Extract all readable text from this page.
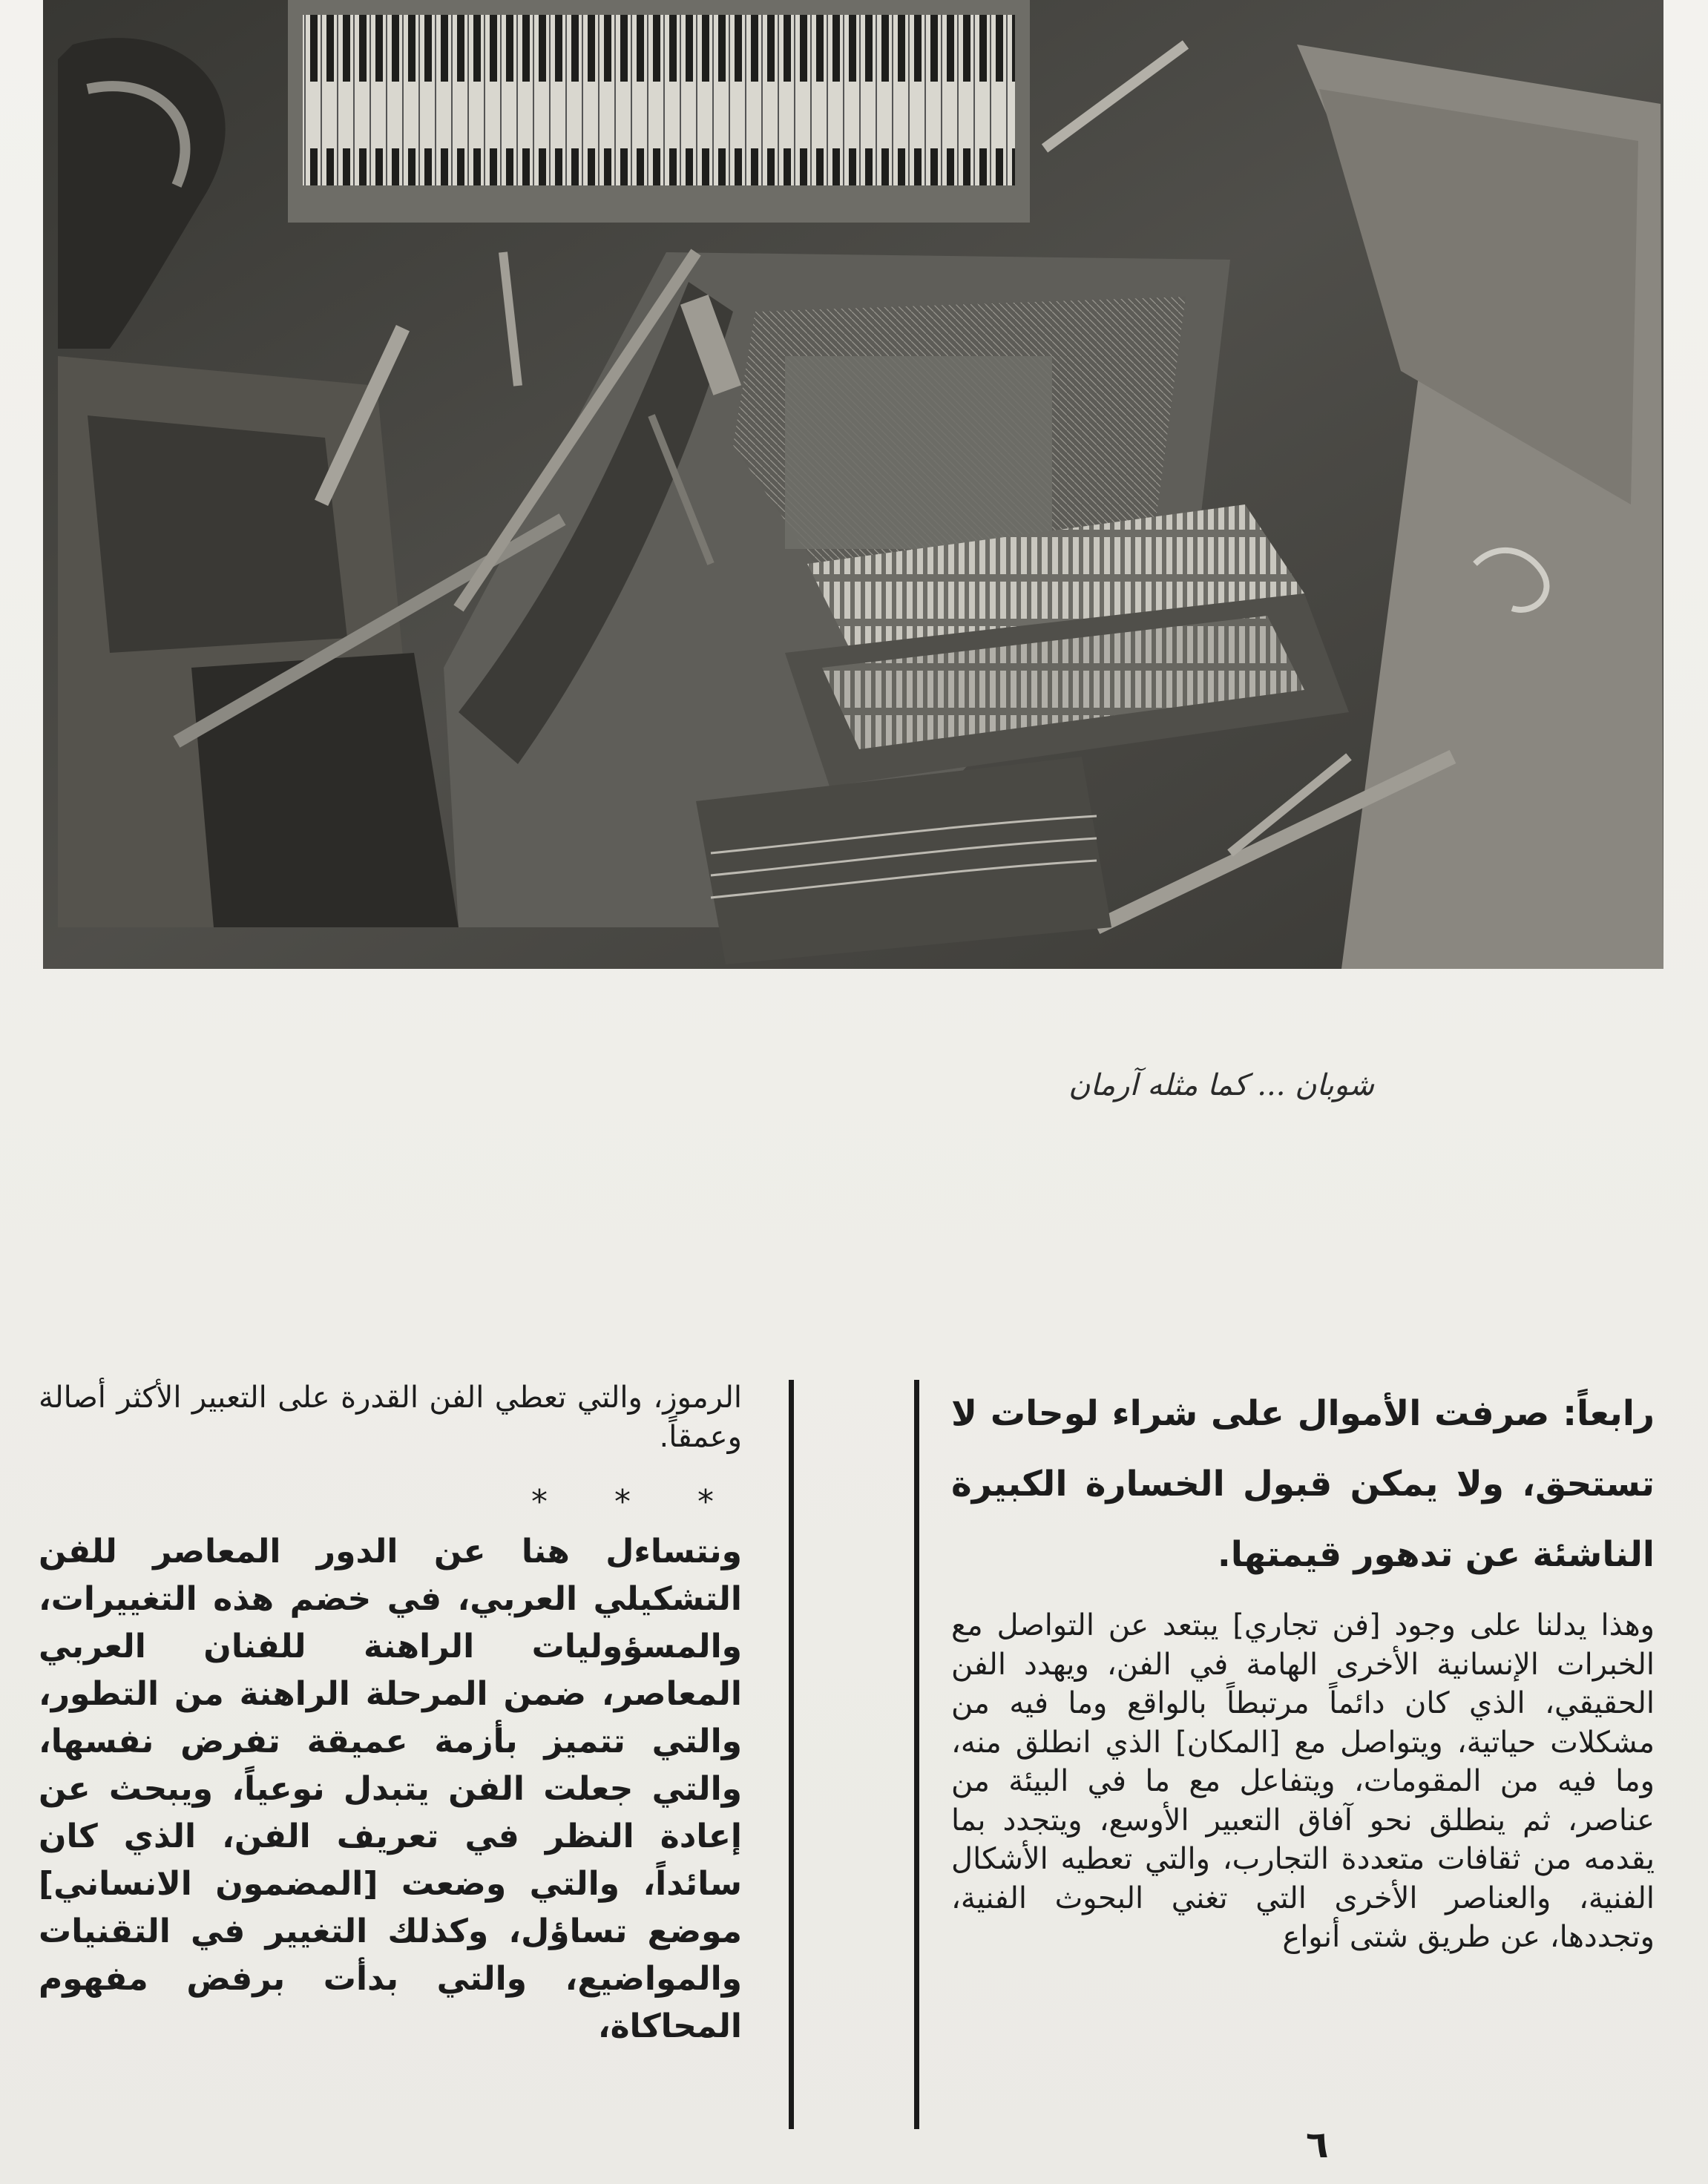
شوبان ... كما مثله آرمان

رابعاً: صرفت الأموال على شراء لوحات لا تستحق، ولا يمكن قبول الخسارة الكبيرة الناشئة عن تدهور قيمتها.

وهذا يدلنا على وجود [فن تجاري] يبتعد عن التواصل مع الخبرات الإنسانية الأخرى الهامة في الفن، ويهدد الفن الحقيقي، الذي كان دائماً مرتبطاً بالواقع وما فيه من مشكلات حياتية، ويتواصل مع [المكان] الذي انطلق منه، وما فيه من المقومات، ويتفاعل مع ما في البيئة من عناصر، ثم ينطلق نحو آفاق التعبير الأوسع، ويتجدد بما يقدمه من ثقافات متعددة التجارب، والتي تعطيه الأشكال الفنية، والعناصر الأخرى التي تغني البحوث الفنية، وتجددها، عن طريق شتى أنواع

الرموز، والتي تعطي الفن القدرة على التعبير الأكثر أصالة وعمقاً.

* * *

ونتساءل هنا عن الدور المعاصر للفن التشكيلي العربي، في خضم هذه التغييرات، والمسؤوليات الراهنة للفنان العربي المعاصر، ضمن المرحلة الراهنة من التطور، والتي تتميز بأزمة عميقة تفرض نفسها، والتي جعلت الفن يتبدل نوعياً، ويبحث عن إعادة النظر في تعريف الفن، الذي كان سائداً، والتي وضعت [المضمون الانساني] موضع تساؤل، وكذلك التغيير في التقنيات والمواضيع، والتي بدأت برفض مفهوم المحاكاة،

٦
